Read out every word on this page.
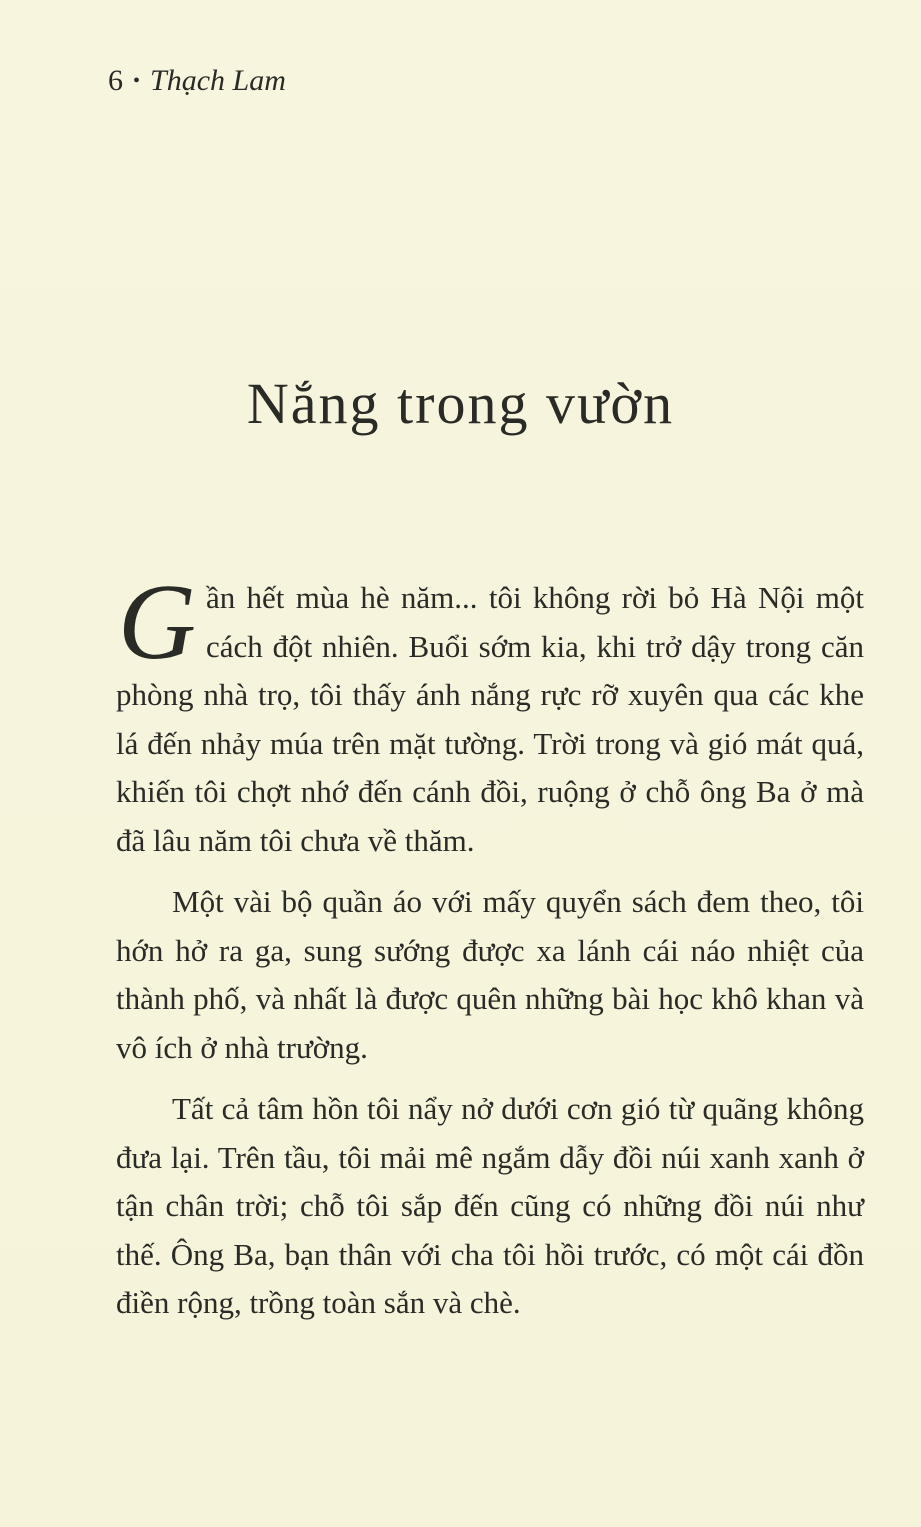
6 • Thạch Lam
Nắng trong vườn

Gần hết mùa hè năm... tôi không rời bỏ Hà Nội một cách đột nhiên. Buổi sớm kia, khi trở dậy trong căn phòng nhà trọ, tôi thấy ánh nắng rực rỡ xuyên qua các khe lá đến nhảy múa trên mặt tường. Trời trong và gió mát quá, khiến tôi chợt nhớ đến cánh đồi, ruộng ở chỗ ông Ba ở mà đã lâu năm tôi chưa về thăm.

Một vài bộ quần áo với mấy quyển sách đem theo, tôi hớn hở ra ga, sung sướng được xa lánh cái náo nhiệt của thành phố, và nhất là được quên những bài học khô khan và vô ích ở nhà trường.

Tất cả tâm hồn tôi nẩy nở dưới cơn gió từ quãng không đưa lại. Trên tầu, tôi mải mê ngắm dẫy đồi núi xanh xanh ở tận chân trời; chỗ tôi sắp đến cũng có những đồi núi như thế. Ông Ba, bạn thân với cha tôi hồi trước, có một cái đồn điền rộng, trồng toàn sắn và chè.
